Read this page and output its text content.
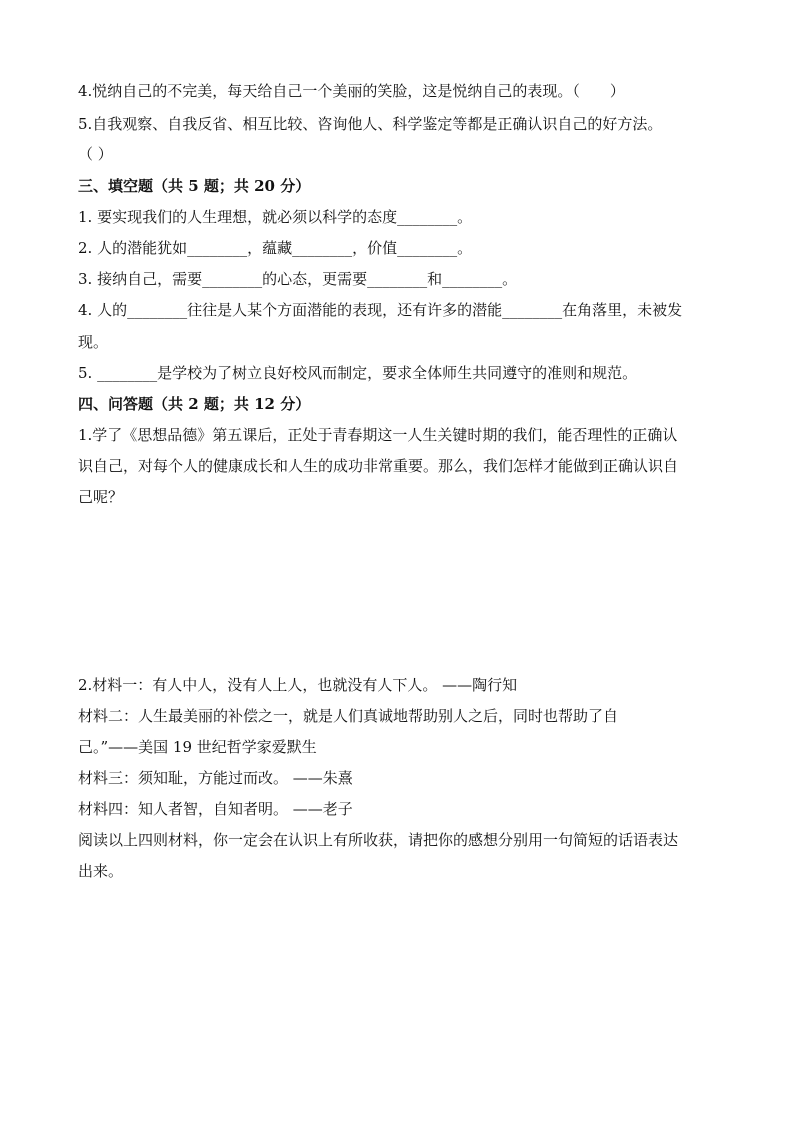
4.悦纳自己的不完美，每天给自己一个美丽的笑脸，这是悦纳自己的表现。（　　）
5.自我观察、自我反省、相互比较、咨询他人、科学鉴定等都是正确认识自己的好方法。
（ ）
三、填空题（共 5 题；共 20 分）
1. 要实现我们的人生理想，就必须以科学的态度________。
2. 人的潜能犹如________，蕴藏________，价值________。
3. 接纳自己，需要________的心态，更需要________和________。
4. 人的________往往是人某个方面潜能的表现，还有许多的潜能________在角落里，未被发
现。
5. ________是学校为了树立良好校风而制定，要求全体师生共同遵守的准则和规范。
四、问答题（共 2 题；共 12 分）
1.学了《思想品德》第五课后，正处于青春期这一人生关键时期的我们，能否理性的正确认
识自己，对每个人的健康成长和人生的成功非常重要。那么，我们怎样才能做到正确认识自
己呢？
2.材料一：有人中人，没有人上人，也就没有人下人。 ——陶行知
材料二：人生最美丽的补偿之一，就是人们真诚地帮助别人之后，同时也帮助了自
己。”——美国 19 世纪哲学家爱默生
材料三：须知耻，方能过而改。 ——朱熹
材料四：知人者智，自知者明。 ——老子
阅读以上四则材料，你一定会在认识上有所收获，请把你的感想分别用一句简短的话语表达
出来。
